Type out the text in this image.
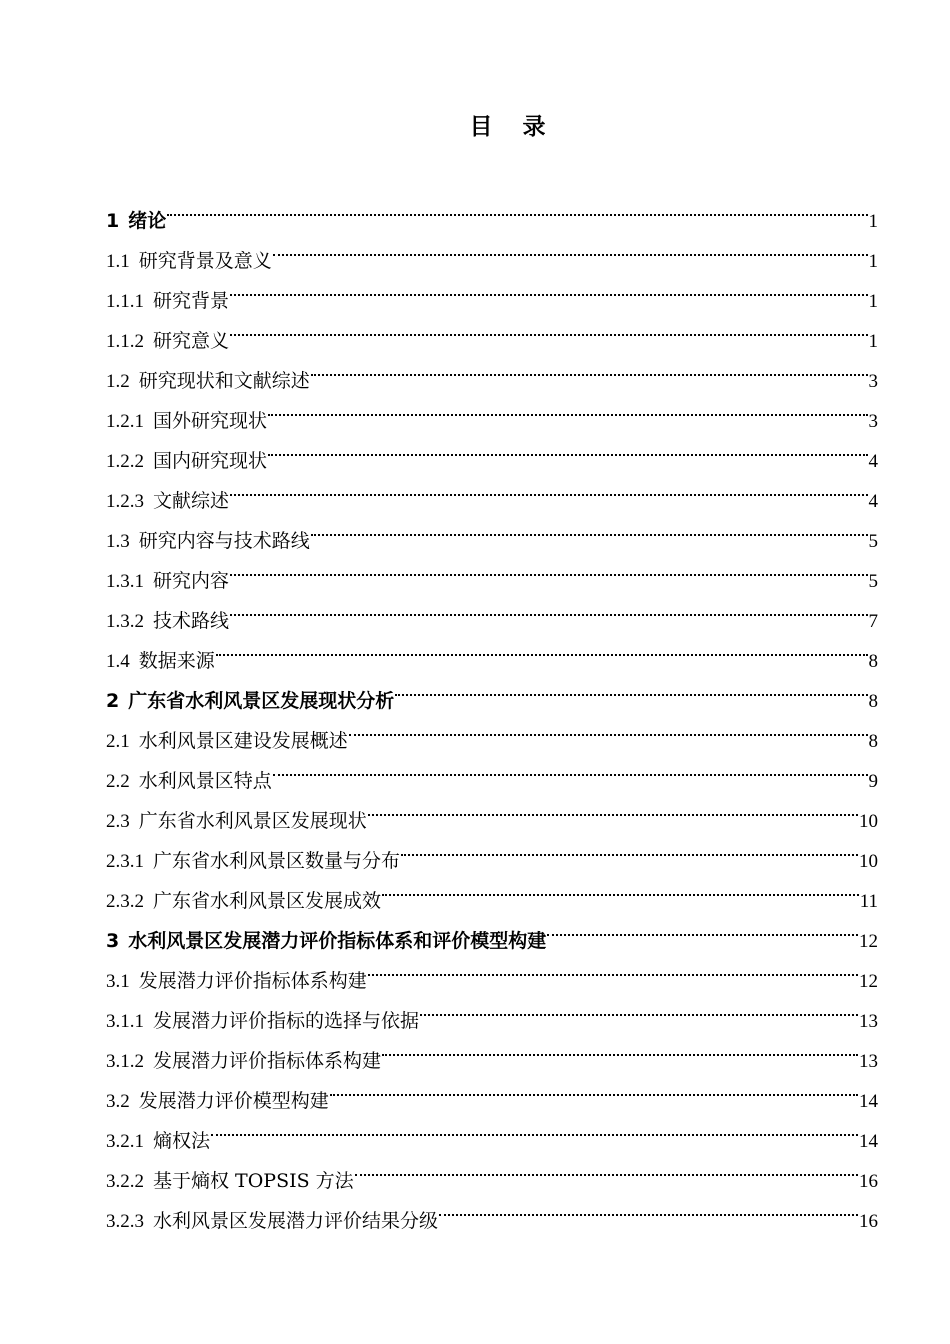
目 录
1 绪论	1
1.1 研究背景及意义	1
1.1.1 研究背景	1
1.1.2 研究意义	1
1.2 研究现状和文献综述	3
1.2.1 国外研究现状	3
1.2.2 国内研究现状	4
1.2.3 文献综述	4
1.3 研究内容与技术路线	5
1.3.1 研究内容	5
1.3.2 技术路线	7
1.4 数据来源	8
2 广东省水利风景区发展现状分析	8
2.1 水利风景区建设发展概述	8
2.2 水利风景区特点	9
2.3 广东省水利风景区发展现状	10
2.3.1 广东省水利风景区数量与分布	10
2.3.2 广东省水利风景区发展成效	11
3 水利风景区发展潜力评价指标体系和评价模型构建	12
3.1 发展潜力评价指标体系构建	12
3.1.1 发展潜力评价指标的选择与依据	13
3.1.2 发展潜力评价指标体系构建	13
3.2 发展潜力评价模型构建	14
3.2.1 熵权法	14
3.2.2 基于熵权 TOPSIS 方法	16
3.2.3 水利风景区发展潜力评价结果分级	16
